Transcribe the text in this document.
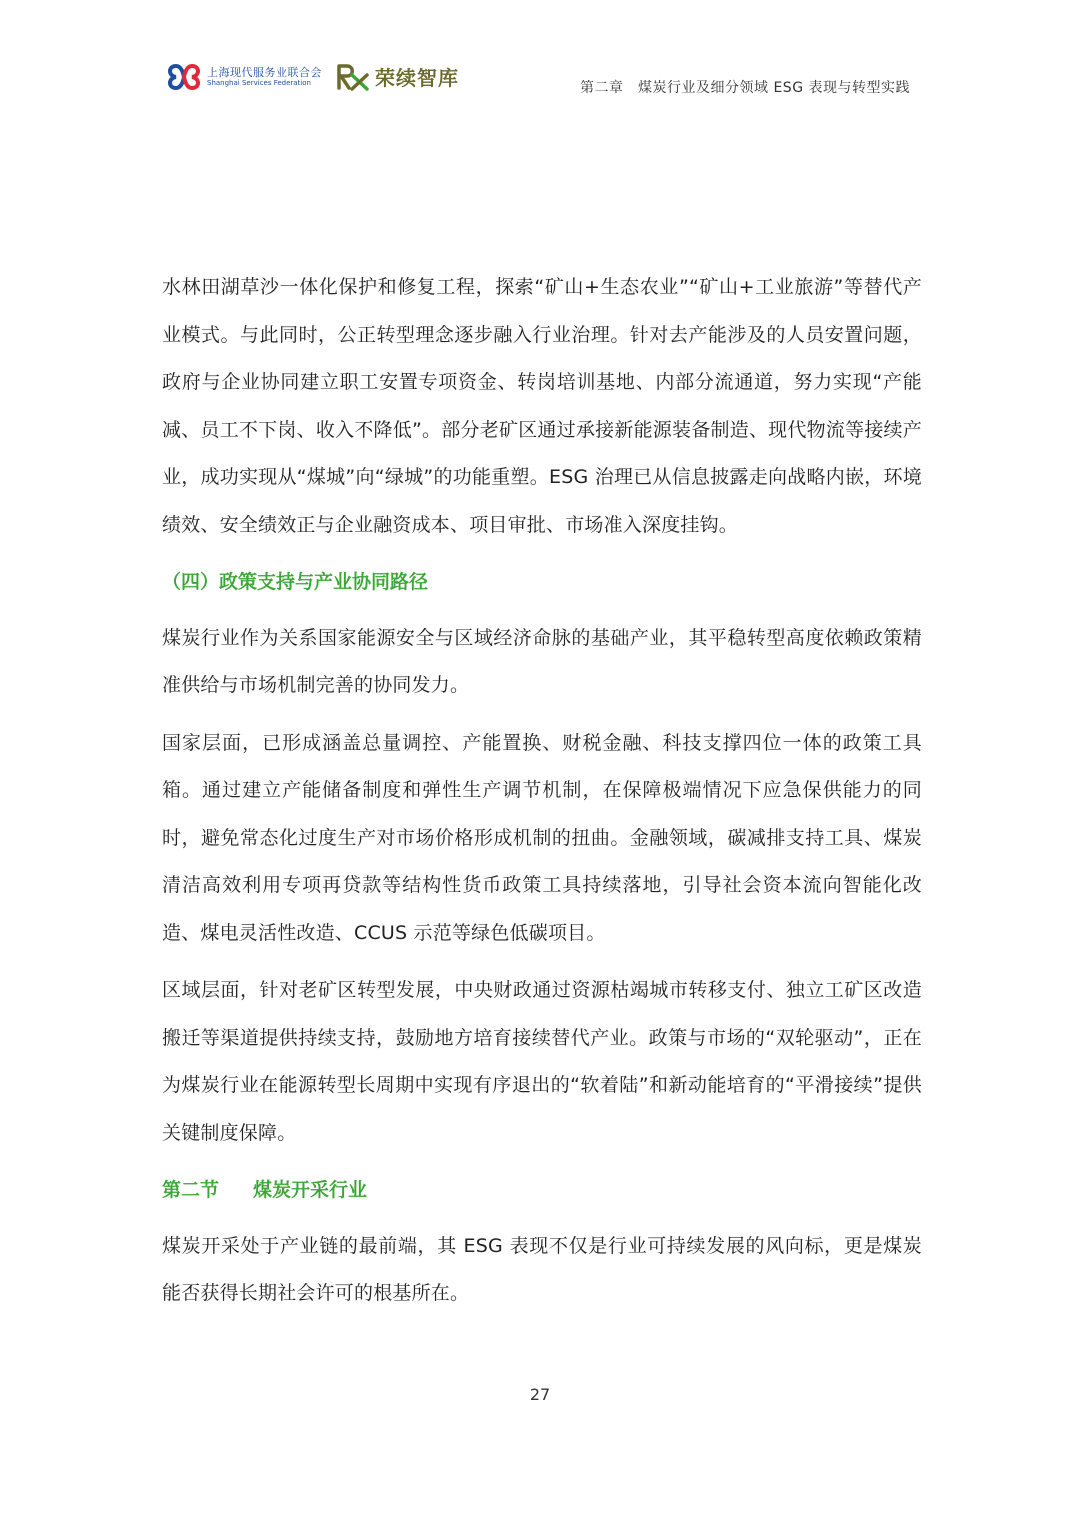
上海现代服务业联合会
Shanghai Services Federation	荣续智库	第二章　煤炭行业及细分领域 ESG 表现与转型实践

水林田湖草沙一体化保护和修复工程，探索“矿山+生态农业”“矿山+工业旅游”等替代产业模式。与此同时，公正转型理念逐步融入行业治理。针对去产能涉及的人员安置问题，政府与企业协同建立职工安置专项资金、转岗培训基地、内部分流通道，努力实现“产能减、员工不下岗、收入不降低”。部分老矿区通过承接新能源装备制造、现代物流等接续产业，成功实现从“煤城”向“绿城”的功能重塑。ESG 治理已从信息披露走向战略内嵌，环境绩效、安全绩效正与企业融资成本、项目审批、市场准入深度挂钩。

（四）政策支持与产业协同路径

煤炭行业作为关系国家能源安全与区域经济命脉的基础产业，其平稳转型高度依赖政策精准供给与市场机制完善的协同发力。

国家层面，已形成涵盖总量调控、产能置换、财税金融、科技支撑四位一体的政策工具箱。通过建立产能储备制度和弹性生产调节机制，在保障极端情况下应急保供能力的同时，避免常态化过度生产对市场价格形成机制的扭曲。金融领域，碳减排支持工具、煤炭清洁高效利用专项再贷款等结构性货币政策工具持续落地，引导社会资本流向智能化改造、煤电灵活性改造、CCUS 示范等绿色低碳项目。

区域层面，针对老矿区转型发展，中央财政通过资源枯竭城市转移支付、独立工矿区改造搬迁等渠道提供持续支持，鼓励地方培育接续替代产业。政策与市场的“双轮驱动”，正在为煤炭行业在能源转型长周期中实现有序退出的“软着陆”和新动能培育的“平滑接续”提供关键制度保障。

第二节 煤炭开采行业

煤炭开采处于产业链的最前端，其 ESG 表现不仅是行业可持续发展的风向标，更是煤炭能否获得长期社会许可的根基所在。

27
